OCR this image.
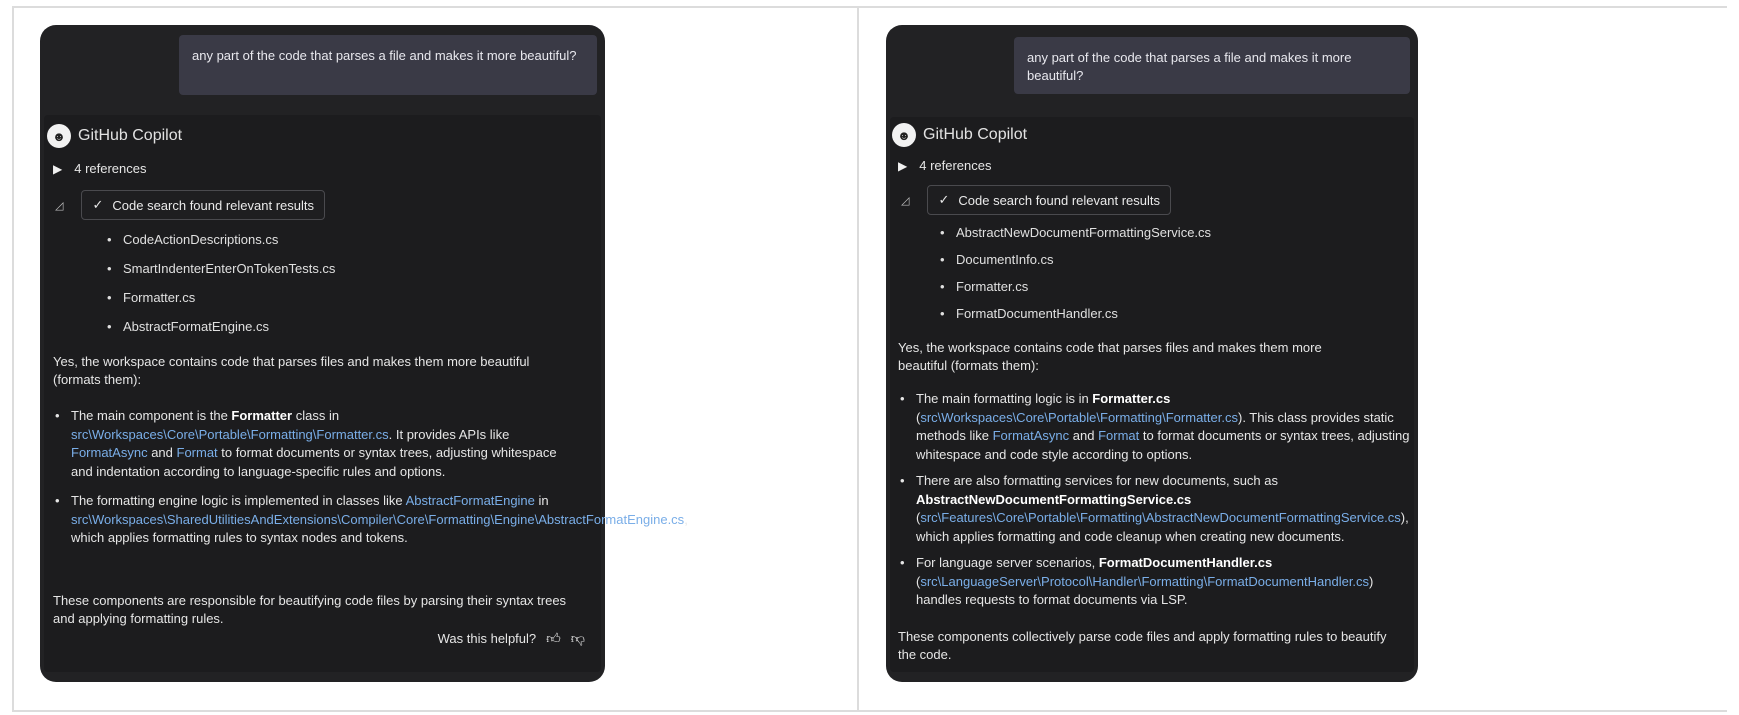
any part of the code that parses a file and makes it more beautiful?
☻ GitHub Copilot
▶ 4 references
◿ ✓ Code search found relevant results
• CodeActionDescriptions.cs
• SmartIndenterEnterOnTokenTests.cs
• Formatter.cs
• AbstractFormatEngine.cs
Yes, the workspace contains code that parses files and makes them more beautiful (formats them):
• The main component is the Formatter class in src\Workspaces\Core\Portable\Formatting\Formatter.cs. It provides APIs like FormatAsync and Format to format documents or syntax trees, adjusting whitespace and indentation according to language-specific rules and options.
• The formatting engine logic is implemented in classes like AbstractFormatEngine in src\Workspaces\SharedUtilitiesAndExtensions\Compiler\Core\Formatting\Engine\AbstractFormatEngine.cs, which applies formatting rules to syntax nodes and tokens.
These components are responsible for beautifying code files by parsing their syntax trees and applying formatting rules.
Was this helpful? 👍︎ 👎︎
any part of the code that parses a file and makes it more beautiful?
☻ GitHub Copilot
▶ 4 references
◿ ✓ Code search found relevant results
• AbstractNewDocumentFormattingService.cs
• DocumentInfo.cs
• Formatter.cs
• FormatDocumentHandler.cs
Yes, the workspace contains code that parses files and makes them more beautiful (formats them):
• The main formatting logic is in Formatter.cs (src\Workspaces\Core\Portable\Formatting\Formatter.cs). This class provides static methods like FormatAsync and Format to format documents or syntax trees, adjusting whitespace and code style according to options.
• There are also formatting services for new documents, such as AbstractNewDocumentFormattingService.cs (src\Features\Core\Portable\Formatting\AbstractNewDocumentFormattingService.cs), which applies formatting and code cleanup when creating new documents.
• For language server scenarios, FormatDocumentHandler.cs (src\LanguageServer\Protocol\Handler\Formatting\FormatDocumentHandler.cs) handles requests to format documents via LSP.
These components collectively parse code files and apply formatting rules to beautify the code.
